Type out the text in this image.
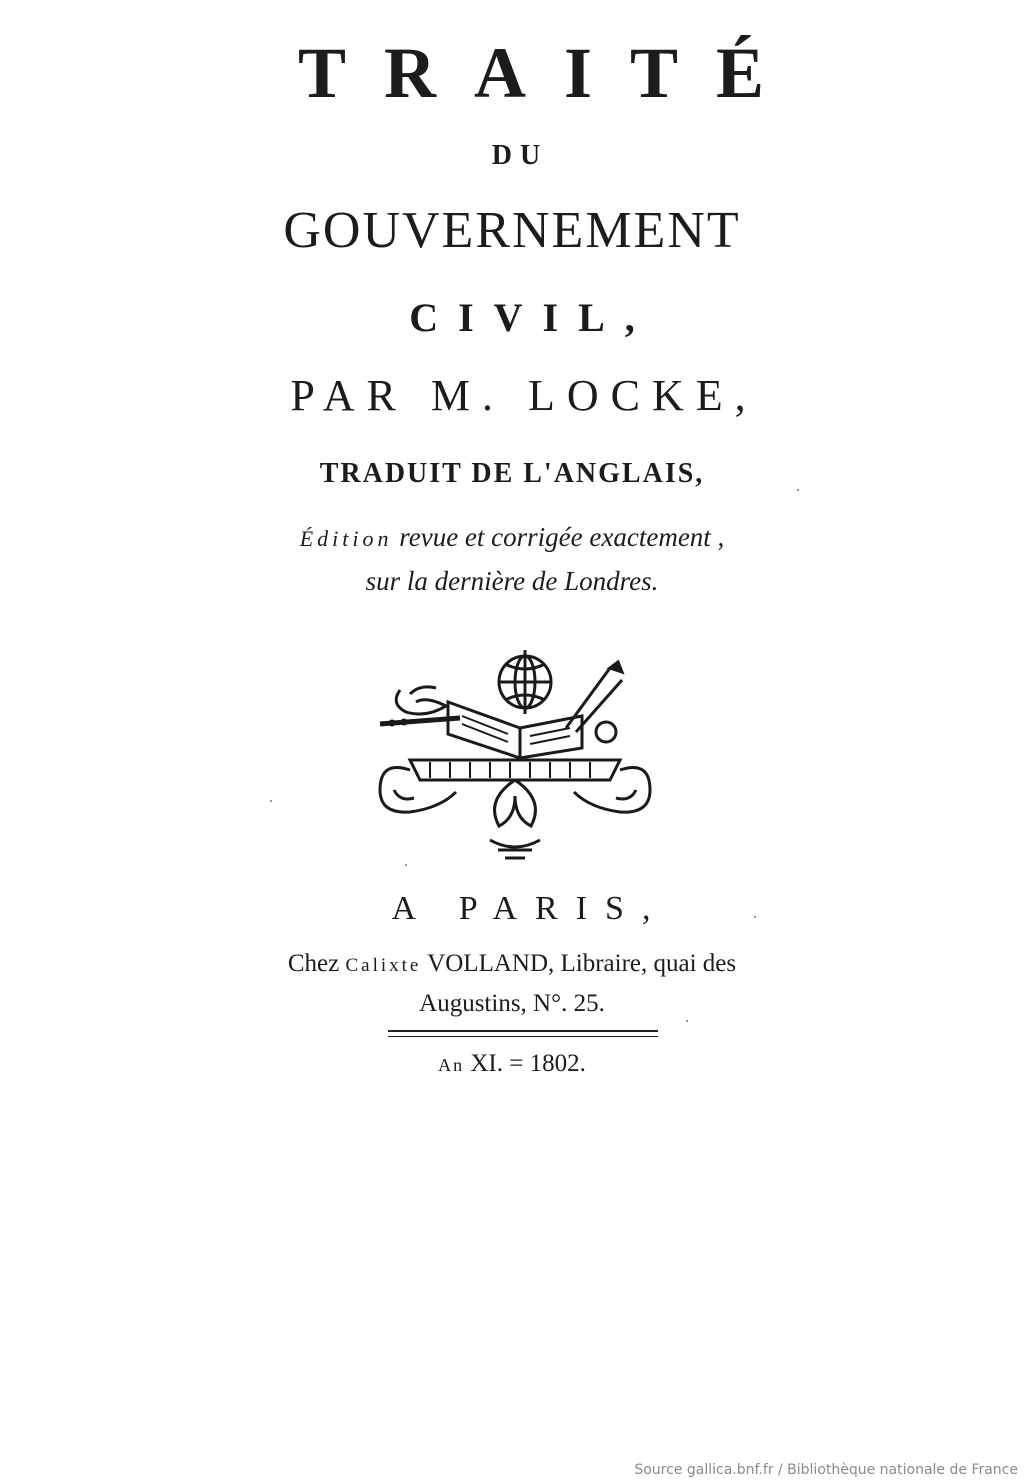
TRAITÉ
DU
GOUVERNEMENT
CIVIL,
PAR M. LOCKE,
TRADUIT DE L'ANGLAIS,
Édition revue et corrigée exactement ,
sur la dernière de Londres.
A PARIS,
Chez Calixte VOLLAND, Libraire, quai des
Augustins, N°. 25.
An XI. = 1802.
Source gallica.bnf.fr / Bibliothèque nationale de France
